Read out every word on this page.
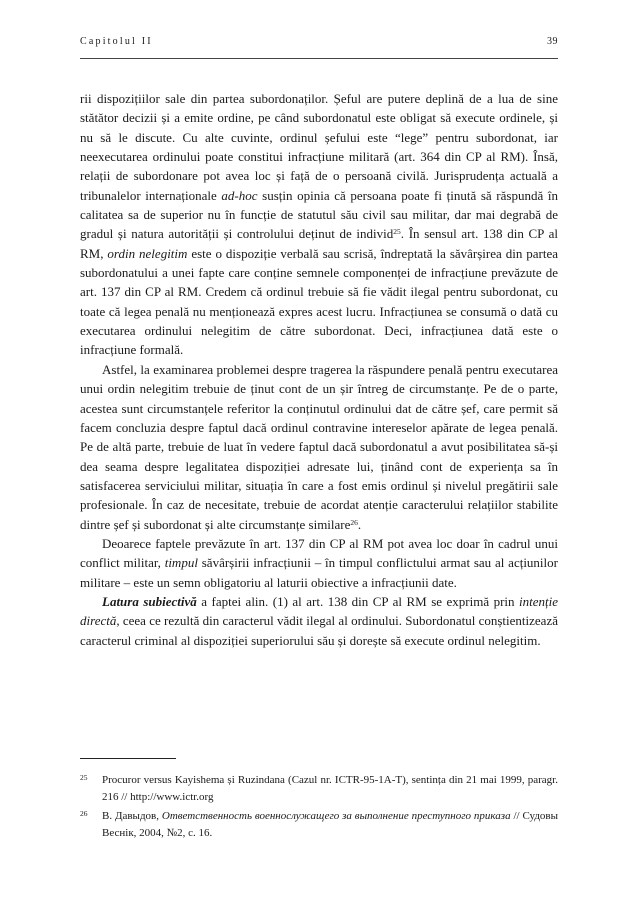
Capitolul II	39

rii dispozițiilor sale din partea subordonaților. Șeful are putere deplină de a lua de sine stătător decizii și a emite ordine, pe când subordonatul este obligat să execute ordinele, și nu să le discute. Cu alte cuvinte, ordinul șefului este “lege” pentru subordonat, iar neexecutarea ordinului poate constitui infracțiune militară (art. 364 din CP al RM). Însă, relații de subordonare pot avea loc și față de o persoană civilă. Jurisprudența actuală a tribunalelor internaționale ad-hoc susțin opinia că persoana poate fi ținută să răspundă în calitatea sa de superior nu în funcție de statutul său civil sau militar, dar mai degrabă de gradul și natura autorității și controlului deținut de individ$^{25}$. În sensul art. 138 din CP al RM, ordin nelegitim este o dispoziție verbală sau scrisă, îndreptată la săvârșirea din partea subordonatului a unei fapte care conține semnele componenței de infracțiune prevăzute de art. 137 din CP al RM. Credem că ordinul trebuie să fie vădit ilegal pentru subordonat, cu toate că legea penală nu menționează expres acest lucru. Infracțiunea se consumă o dată cu executarea ordinului nelegitim de către subordonat. Deci, infracțiunea dată este o infracțiune formală.

Astfel, la examinarea problemei despre tragerea la răspundere penală pentru executarea unui ordin nelegitim trebuie de ținut cont de un șir întreg de circumstanțe. Pe de o parte, acestea sunt circumstanțele referitor la conținutul ordinului dat de către șef, care permit să facem concluzia despre faptul dacă ordinul contravine intereselor apărate de legea penală. Pe de altă parte, trebuie de luat în vedere faptul dacă subordonatul a avut posibilitatea să-și dea seama despre legalitatea dispoziției adresate lui, ținând cont de experiența sa în satisfacerea serviciului militar, situația în care a fost emis ordinul și nivelul pregătirii sale profesionale. În caz de necesitate, trebuie de acordat atenție caracterului relațiilor stabilite dintre șef și subordonat și alte circumstanțe similare$^{26}$.

Deoarece faptele prevăzute în art. 137 din CP al RM pot avea loc doar în cadrul unui conflict militar, timpul săvârșirii infracțiunii – în timpul conflictului armat sau al acțiunilor militare – este un semn obligatoriu al laturii obiective a infracțiunii date.

Latura subiectivă a faptei alin. (1) al art. 138 din CP al RM se exprimă prin intenție directă, ceea ce rezultă din caracterul vădit ilegal al ordinului. Subordonatul conștientizează caracterul criminal al dispoziției superiorului său și dorește să execute ordinul nelegitim.

25 Procuror versus Kayishema și Ruzindana (Cazul nr. ICTR-95-1A-T), sentința din 21 mai 1999, paragr. 216 // http://www.ictr.org
26 В. Давыдов, Ответственность военнослужащего за выполнение преступного приказа // Судовы Веснiк, 2004, №2, с. 16.
